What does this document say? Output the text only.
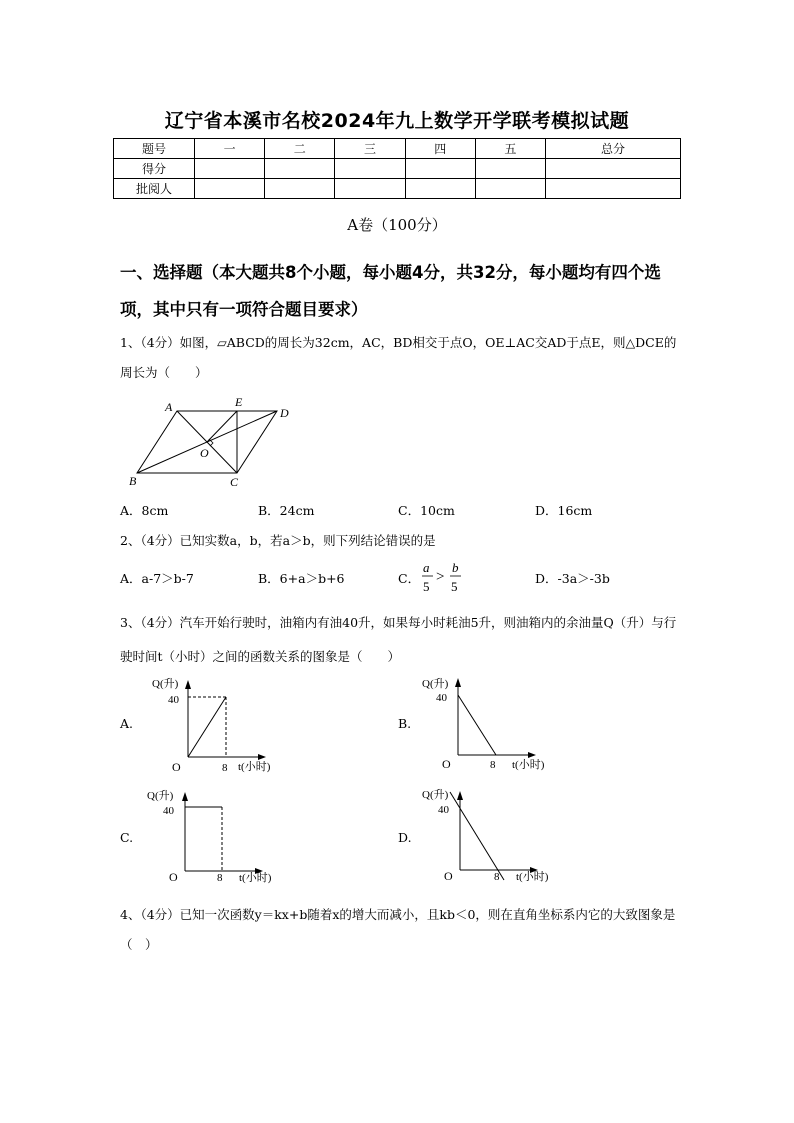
辽宁省本溪市名校2024年九上数学开学联考模拟试题
题号	一	二	三	四	五	总分
得分						
批阅人						
A卷（100分）
一、选择题（本大题共8个小题，每小题4分，共32分，每小题均有四个选项，其中只有一项符合题目要求）
1、（4分）如图，▱ABCD的周长为32cm，AC，BD相交于点O，OE⊥AC交AD于点E，则△DCE的周长为（　　）
A	E
D
O
B	C
A．8cm	B．24cm	C．10cm	D．16cm
2、（4分）已知实数a，b，若a＞b，则下列结论错误的是
A．a-7＞b-7	B．6+a＞b+6	C．
a
5
>
b
5
D．-3a＞-3b
3、（4分）汽车开始行驶时，油箱内有油40升，如果每小时耗油5升，则油箱内的余油量Q（升）与行驶时间t（小时）之间的函数关系的图象是（　　）
A.
Q(升)
40
O	8 t(小时)
B.
Q(升)
40
O	8 t(小时)
C.
Q(升)
40
O	8 t(小时)
D.
Q(升)
40
O	8 t(小时)
4、（4分）已知一次函数y＝kx+b随着x的增大而减小，且kb＜0，则在直角坐标系内它的大致图象是（　）
